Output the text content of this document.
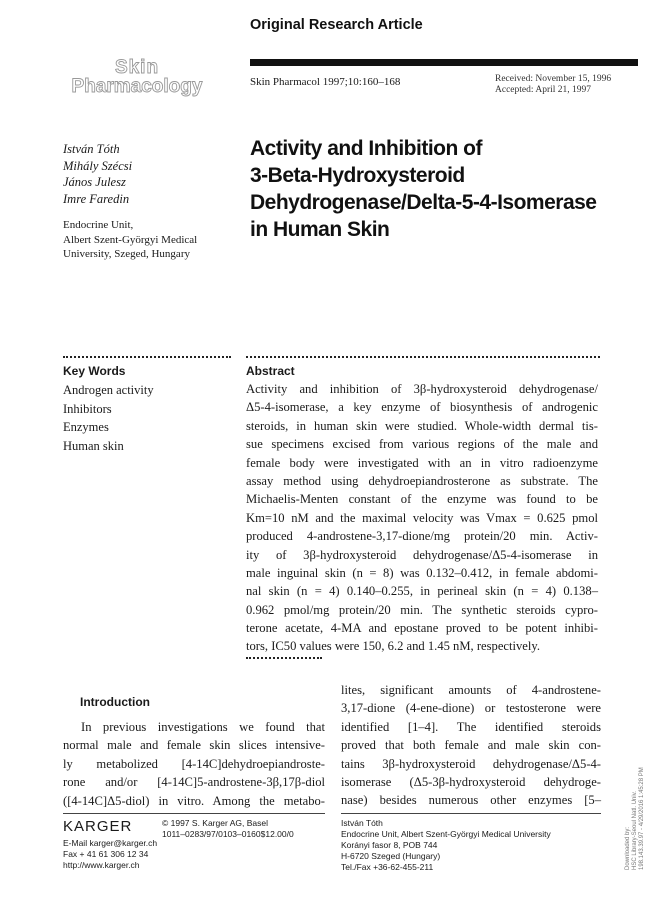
Original Research Article
Skin
Pharmacology	Skin Pharmacol 1997;10:160–168	Received: November 15, 1996
Accepted: April 21, 1997
István Tóth
Mihály Szécsi
János Julesz
Imre Faredin
Endocrine Unit,
Albert Szent-Györgyi Medical
University, Szeged, Hungary
Activity and Inhibition of
3-Beta-Hydroxysteroid
Dehydrogenase/Delta-5-4-Isomerase
in Human Skin
Key Words
Androgen activity
Inhibitors
Enzymes
Human skin
Abstract
Activity and inhibition of 3β-hydroxysteroid dehydrogenase/
Δ5-4-isomerase, a key enzyme of biosynthesis of androgenic
steroids, in human skin were studied. Whole-width dermal tis-
sue specimens excised from various regions of the male and
female body were investigated with an in vitro radioenzyme
assay method using dehydroepiandrosterone as substrate. The
Michaelis-Menten constant of the enzyme was found to be
Km=10 nM and the maximal velocity was Vmax = 0.625 pmol
produced 4-androstene-3,17-dione/mg protein/20 min. Activ-
ity of 3β-hydroxysteroid dehydrogenase/Δ5-4-isomerase in
male inguinal skin (n = 8) was 0.132–0.412, in female abdomi-
nal skin (n = 4) 0.140–0.255, in perineal skin (n = 4) 0.138–
0.962 pmol/mg protein/20 min. The synthetic steroids cypro-
terone acetate, 4-MA and epostane proved to be potent inhibi-
tors, IC50 values were 150, 6.2 and 1.45 nM, respectively.
Introduction
In previous investigations we found that
normal male and female skin slices intensive-
ly metabolized [4-14C]dehydroepiandroste-
rone and/or [4-14C]5-androstene-3β,17β-diol
([4-14C]Δ5-diol) in vitro. Among the metabo-
lites, significant amounts of 4-androstene-
3,17-dione (4-ene-dione) or testosterone were
identified [1–4]. The identified steroids
proved that both female and male skin con-
tains 3β-hydroxysteroid dehydrogenase/Δ5-4-
isomerase (Δ5-3β-hydroxysteroid dehydroge-
nase) besides numerous other enzymes [5–
KARGER
E-Mail karger@karger.ch
Fax + 41 61 306 12 34
http://www.karger.ch
© 1997 S. Karger AG, Basel
1011–0283/97/0103–0160$12.00/0
István Tóth
Endocrine Unit, Albert Szent-Györgyi Medical University
Korányi fasor 8, POB 744
H-6720 Szeged (Hungary)
Tel./Fax +36-62-455-211	Downloaded by: HSC Library-Seoul Natl. Univ. 198.143.39.97 - 4/29/2016 1:45:28 PM
